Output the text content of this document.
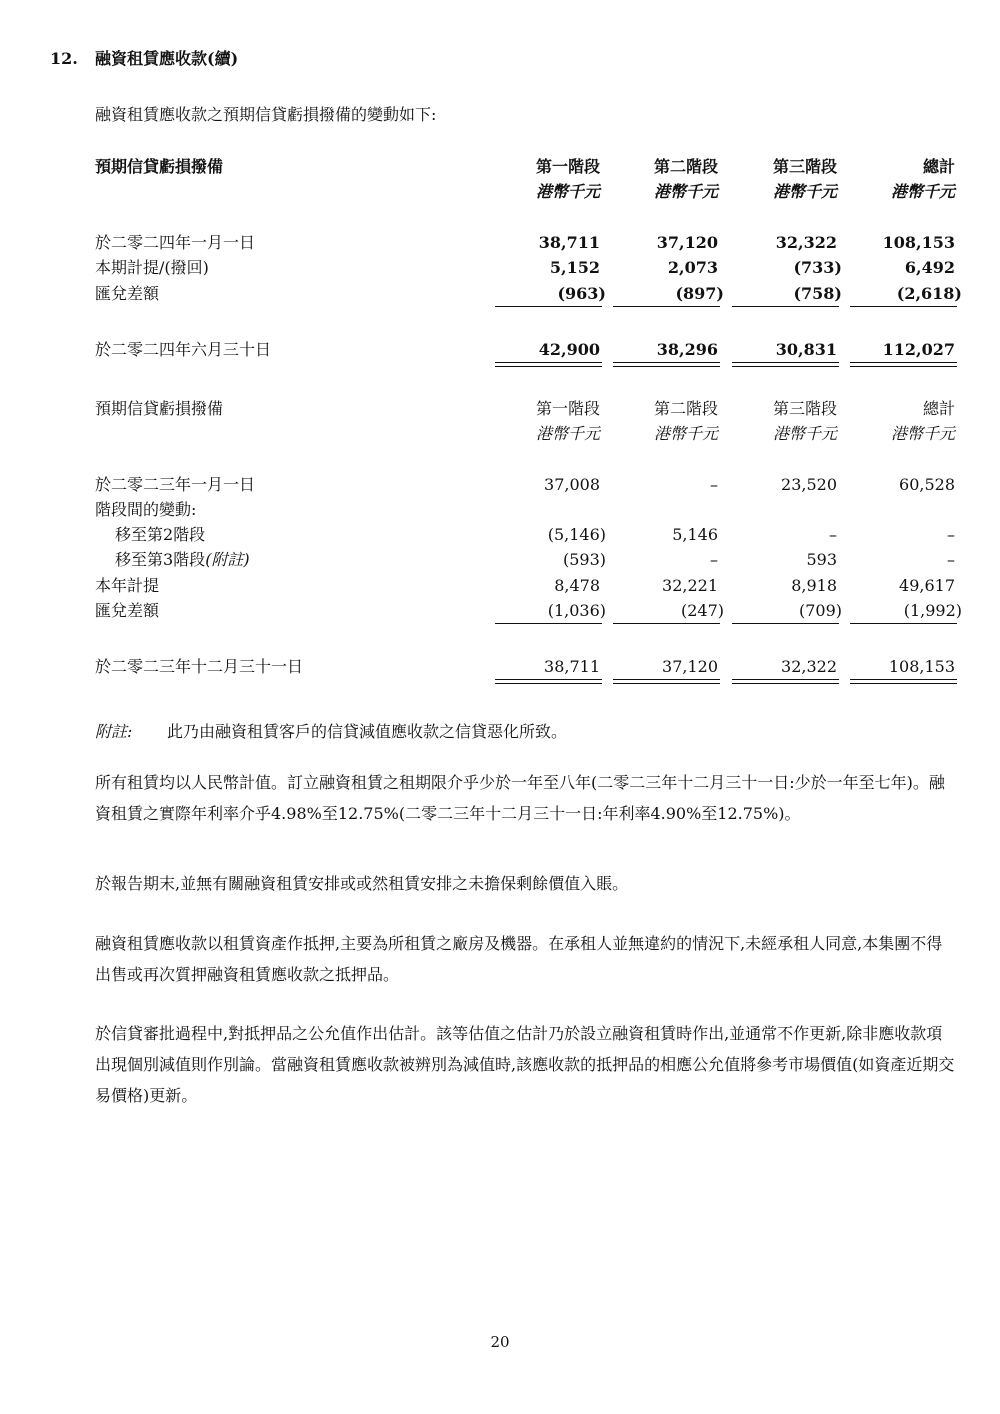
12. 融資租賃應收款(續)
融資租賃應收款之預期信貸虧損撥備的變動如下:
預期信貸虧損撥備	第一階段	第二階段	第三階段	總計
港幣千元	港幣千元	港幣千元	港幣千元
於二零二四年一月一日	38,711	37,120	32,322	108,153
本期計提/(撥回)	5,152	2,073	(733)	6,492
匯兌差額	(963)	(897)	(758)	(2,618)
於二零二四年六月三十日	42,900	38,296	30,831	112,027
預期信貸虧損撥備	第一階段	第二階段	第三階段	總計
港幣千元	港幣千元	港幣千元	港幣千元
於二零二三年一月一日	37,008	–	23,520	60,528
階段間的變動:
移至第2階段	(5,146)	5,146	–	–
移至第3階段(附註)	(593)	–	593	–
本年計提	8,478	32,221	8,918	49,617
匯兌差額	(1,036)	(247)	(709)	(1,992)
於二零二三年十二月三十一日	38,711	37,120	32,322	108,153
附註: 此乃由融資租賃客戶的信貸減值應收款之信貸惡化所致。
所有租賃均以人民幣計值。訂立融資租賃之租期限介乎少於一年至八年(二零二三年十二月三十一日:少於一年至七年)。融資租賃之實際年利率介乎4.98%至12.75%(二零二三年十二月三十一日:年利率4.90%至12.75%)。
於報告期末,並無有關融資租賃安排或或然租賃安排之未擔保剩餘價值入賬。
融資租賃應收款以租賃資產作抵押,主要為所租賃之廠房及機器。在承租人並無違約的情況下,未經承租人同意,本集團不得出售或再次質押融資租賃應收款之抵押品。
於信貸審批過程中,對抵押品之公允值作出估計。該等估值之估計乃於設立融資租賃時作出,並通常不作更新,除非應收款項出現個別減值則作別論。當融資租賃應收款被辨別為減值時,該應收款的抵押品的相應公允值將參考市場價值(如資產近期交易價格)更新。
20
